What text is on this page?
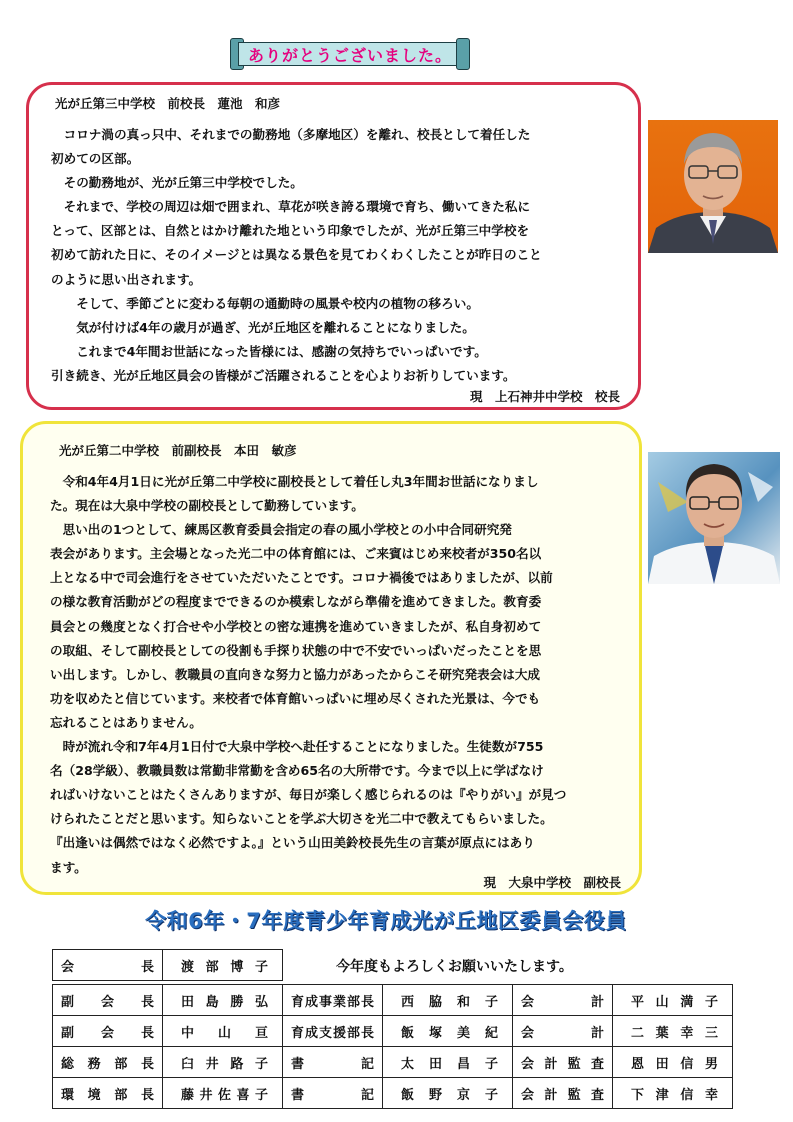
ありがとうございました。
光が丘第三中学校　前校長　蓮池　和彦

　コロナ渦の真っ只中、それまでの勤務地（多摩地区）を離れ、校長として着任した

初めての区部。

　その勤務地が、光が丘第三中学校でした。

　それまで、学校の周辺は畑で囲まれ、草花が咲き誇る環境で育ち、働いてきた私に

とって、区部とは、自然とはかけ離れた地という印象でしたが、光が丘第三中学校を

初めて訪れた日に、そのイメージとは異なる景色を見てわくわくしたことが昨日のこと

のように思い出されます。

　　そして、季節ごとに変わる毎朝の通勤時の風景や校内の植物の移ろい。

　　気が付けば4年の歳月が過ぎ、光が丘地区を離れることになりました。

　　これまで4年間お世話になった皆様には、感謝の気持ちでいっぱいです。

引き続き、光が丘地区員会の皆様がご活躍されることを心よりお祈りしています。

現　上石神井中学校　校長
光が丘第二中学校　前副校長　本田　敏彦

　令和4年4月1日に光が丘第二中学校に副校長として着任し丸3年間お世話になりまし

た。現在は大泉中学校の副校長として勤務しています。

　思い出の1つとして、練馬区教育委員会指定の春の風小学校との小中合同研究発

表会があります。主会場となった光二中の体育館には、ご来賓はじめ来校者が350名以

上となる中で司会進行をさせていただいたことです。コロナ禍後ではありましたが、以前

の様な教育活動がどの程度までできるのか模索しながら準備を進めてきました。教育委

員会との幾度となく打合せや小学校との密な連携を進めていきましたが、私自身初めて

の取組、そして副校長としての役割も手探り状態の中で不安でいっぱいだったことを思

い出します。しかし、教職員の直向きな努力と協力があったからこそ研究発表会は大成

功を収めたと信じています。来校者で体育館いっぱいに埋め尽くされた光景は、今でも

忘れることはありません。

　時が流れ令和7年4月1日付で大泉中学校へ赴任することになりました。生徒数が755

名（28学級）、教職員数は常勤非常勤を含め65名の大所帯です。今まで以上に学ばなけ

ればいけないことはたくさんありますが、毎日が楽しく感じられるのは『やりがい』が見つ

けられたことだと思います。知らないことを学ぶ大切さを光二中で教えてもらいました。

『出逢いは偶然ではなく必然ですよ。』という山田美鈴校長先生の言葉が原点にはあり

ます。

現　大泉中学校　副校長
令和6年・7年度青少年育成光が丘地区委員会役員
会長	渡部博子	今年度もよろしくお願いいたします。
副会長	田島勝弘	育成事業部長	西脇和子	会計	平山満子
副会長	中山亘	育成支援部長	飯塚美紀	会計	二葉幸三
総務部長	臼井路子	書記	太田昌子	会計監査	恩田信男
環境部長	藤井佐喜子	書記	飯野京子	会計監査	下津信幸
